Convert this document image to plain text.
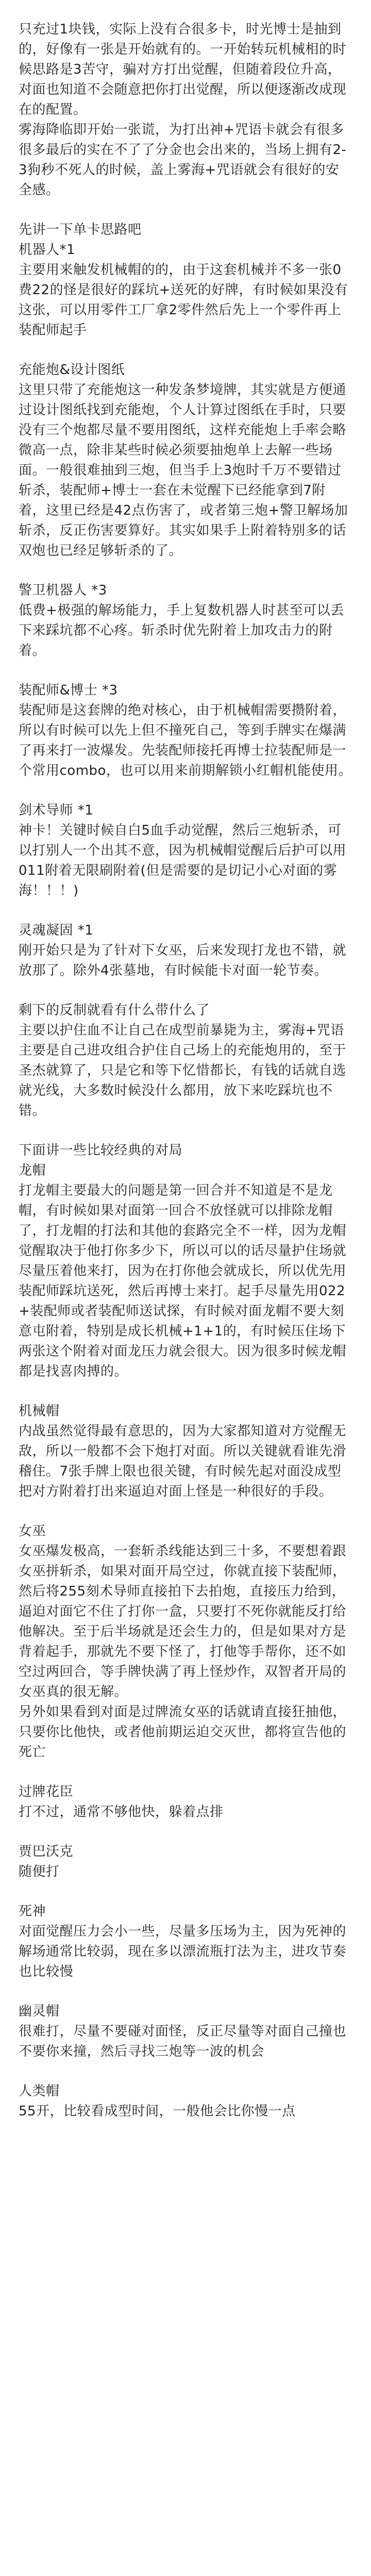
只充过1块钱，实际上没有合很多卡，时光博士是抽到的，好像有一张是开始就有的。一开始转玩机械相的时候思路是3苦守，骗对方打出觉醒，但随着段位升高，对面也知道不会随意把你打出觉醒，所以便逐渐改成现在的配置。
雾海降临即开始一张谎，为打出神+咒语卡就会有很多很多最后的实在不了了分金也会出来的，当场上拥有2-3狗秒不死人的时候，盖上雾海+咒语就会有很好的安全感。

先讲一下单卡思路吧
机器人*1
主要用来触发机械帽的的，由于这套机械并不多一张0费22的怪是很好的踩坑+送死的好牌，有时候如果没有这张，可以用零件工厂拿2零件然后先上一个零件再上装配师起手

充能炮&设计图纸
这里只带了充能炮这一种发条梦境牌，其实就是方便通过设计图纸找到充能炮，个人计算过图纸在手时，只要没有三个炮都尽量不要用图纸，这样充能炮上手率会略微高一点，除非某些时候必须要抽炮单上去解一些场面。一般很难抽到三炮，但当手上3炮时千万不要错过斩杀，装配师+博士一套在未觉醒下已经能拿到7附着，这里已经是42点伤害了，或者第三炮+警卫解场加斩杀，反正伤害要算好。其实如果手上附着特别多的话双炮也已经足够斩杀的了。

警卫机器人 *3
低费+极强的解场能力，手上复数机器人时甚至可以丢下来踩坑都不心疼。斩杀时优先附着上加攻击力的附着。

装配师&博士 *3
装配师是这套牌的绝对核心，由于机械帽需要攒附着，所以有时候可以先上但不撞死自己，等到手牌实在爆满了再来打一波爆发。先装配师接托再博士拉装配师是一个常用combo，也可以用来前期解锁小红帽机能使用。

剑术导师 *1
神卡！关键时候自白5血手动觉醒，然后三炮斩杀，可以打别人一个出其不意，因为机械帽觉醒后后护可以用011附着无限刷附着(但是需要的是切记小心对面的雾海！！！)

灵魂凝固 *1
刚开始只是为了针对下女巫，后来发现打龙也不错，就放那了。除外4张墓地，有时候能卡对面一轮节奏。

剩下的反制就看有什么带什么了
主要以护住血不让自己在成型前暴毙为主，雾海+咒语主要是自己进攻组合护住自己场上的充能炮用的，至于圣杰就算了，只是它和等下忆惜都长，有钱的话就自选就光线，大多数时候没什么都用，放下来吃踩坑也不错。

下面讲一些比较经典的对局
龙帽
打龙帽主要最大的问题是第一回合并不知道是不是龙帽，有时候如果对面第一回合不放怪就可以排除龙帽了，打龙帽的打法和其他的套路完全不一样，因为龙帽觉醒取决于他打你多少下，所以可以的话尽量护住场就尽量压着他来打，因为在打你他会就成长，所以优先用装配师踩坑送死，然后再博士来打。起手尽量先用022+装配师或者装配师送试探，有时候对面龙帽不要大刻意屯附着，特别是成长机械+1+1的，有时候压住场下两张这个附着对面龙压力就会很大。因为很多时候龙帽都是找喜肉搏的。

机械帽
内战虽然觉得最有意思的，因为大家都知道对方觉醒无敌，所以一般都不会下炮打对面。所以关键就看谁先滑稽住。7张手牌上限也很关键，有时候先起对面没成型把对方附着打出来逼迫对面上怪是一种很好的手段。

女巫
女巫爆发极高，一套斩杀线能达到三十多，不要想着跟女巫拼斩杀，如果对面开局空过，你就直接下装配师，然后将255刻术导师直接拍下去拍炮，直接压力给到，逼迫对面它不住了打你一盒，只要打不死你就能反打给他解决。至于后半场就是还会生力的，但是如果对方是背着起手，那就先不要下怪了，打他等手帮你，还不如空过两回合，等手牌快满了再上怪炒作，双智者开局的女巫真的很无解。
另外如果看到对面是过牌流女巫的话就请直接狂抽他，只要你比他快，或者他前期运迫交灭世，都将宣告他的死亡

过牌花臣
打不过，通常不够他快，躲着点排

贾巴沃克
随便打

死神
对面觉醒压力会小一些，尽量多压场为主，因为死神的解场通常比较弱，现在多以漂流瓶打法为主，进攻节奏也比较慢

幽灵帽
很难打，尽量不要碰对面怪，反正尽量等对面自己撞也不要你来撞，然后寻找三炮等一波的机会

人类帽
55开，比较看成型时间，一般他会比你慢一点
